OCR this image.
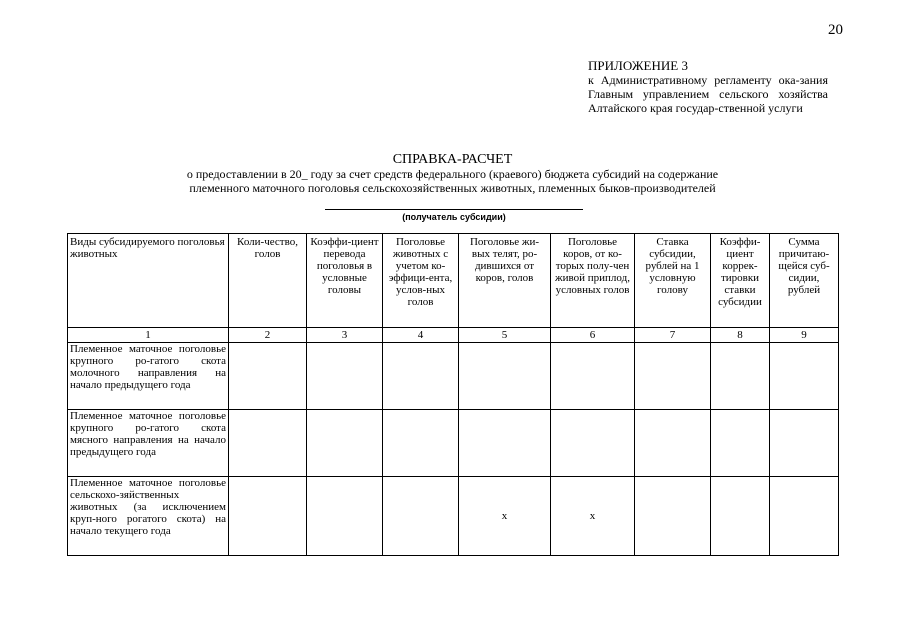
20
ПРИЛОЖЕНИЕ 3
к Административному регламенту ока-зания Главным управлением сельского хозяйства Алтайского края государ-ственной услуги
СПРАВКА-РАСЧЕТ
о предоставлении в 20_ году за счет средств федерального (краевого) бюджета субсидий на содержание
племенного маточного поголовья сельскохозяйственных животных, племенных быков-производителей
(получатель субсидии)
Виды субсидируемого поголовья животных	Коли-чество, голов	Коэффи-циент перевода поголовья в условные головы	Поголовье животных с учетом ко-эффици-ента, услов-ных голов	Поголовье жи-вых телят, ро-дившихся от коров, голов	Поголовье коров, от ко-торых полу-чен живой приплод, условных голов	Ставка субсидии, рублей на 1 условную голову	Коэффи-циент коррек-тировки ставки субсидии	Сумма причитаю-щейся суб-сидии, рублей
1	2	3	4	5	6	7	8	9
Племенное маточное поголовье крупного ро-гатого скота молочного направления на начало предыдущего года								
Племенное маточное поголовье крупного ро-гатого скота мясного направления на начало предыдущего года								
Племенное маточное поголовье сельскохо-зяйственных животных (за исключением круп-ного рогатого скота) на начало текущего года				x	x			
